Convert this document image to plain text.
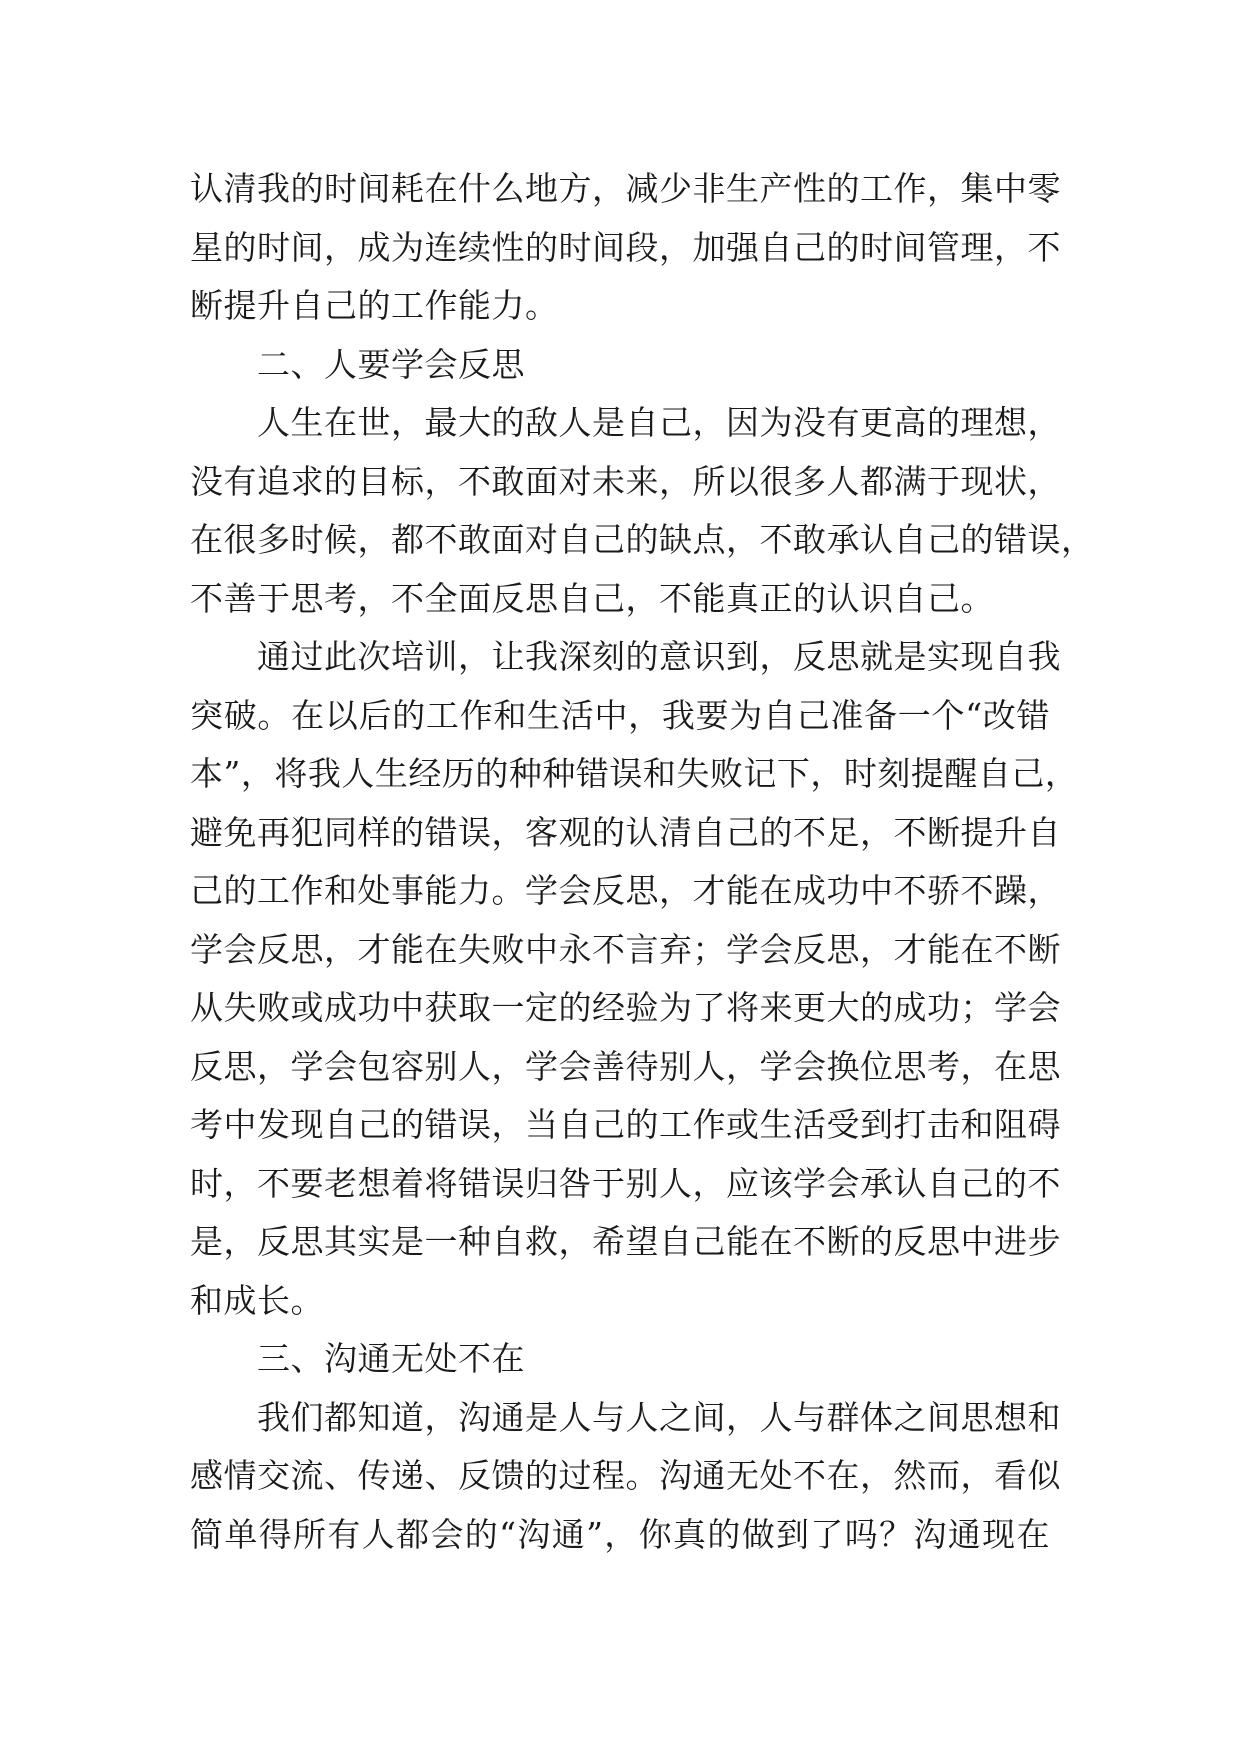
认清我的时间耗在什么地方，减少非生产性的工作，集中零
星的时间，成为连续性的时间段，加强自己的时间管理，不
断提升自己的工作能力。
二、人要学会反思
人生在世，最大的敌人是自己，因为没有更高的理想，
没有追求的目标，不敢面对未来，所以很多人都满于现状，
在很多时候，都不敢面对自己的缺点，不敢承认自己的错误，
不善于思考，不全面反思自己，不能真正的认识自己。
通过此次培训，让我深刻的意识到，反思就是实现自我
突破。在以后的工作和生活中，我要为自己准备一个“改错
本”，将我人生经历的种种错误和失败记下，时刻提醒自己，
避免再犯同样的错误，客观的认清自己的不足，不断提升自
己的工作和处事能力。学会反思，才能在成功中不骄不躁，
学会反思，才能在失败中永不言弃；学会反思，才能在不断
从失败或成功中获取一定的经验为了将来更大的成功；学会
反思，学会包容别人，学会善待别人，学会换位思考，在思
考中发现自己的错误，当自己的工作或生活受到打击和阻碍
时，不要老想着将错误归咎于别人，应该学会承认自己的不
是，反思其实是一种自救，希望自己能在不断的反思中进步
和成长。
三、沟通无处不在
我们都知道，沟通是人与人之间，人与群体之间思想和
感情交流、传递、反馈的过程。沟通无处不在，然而，看似
简单得所有人都会的“沟通”，你真的做到了吗？沟通现在
